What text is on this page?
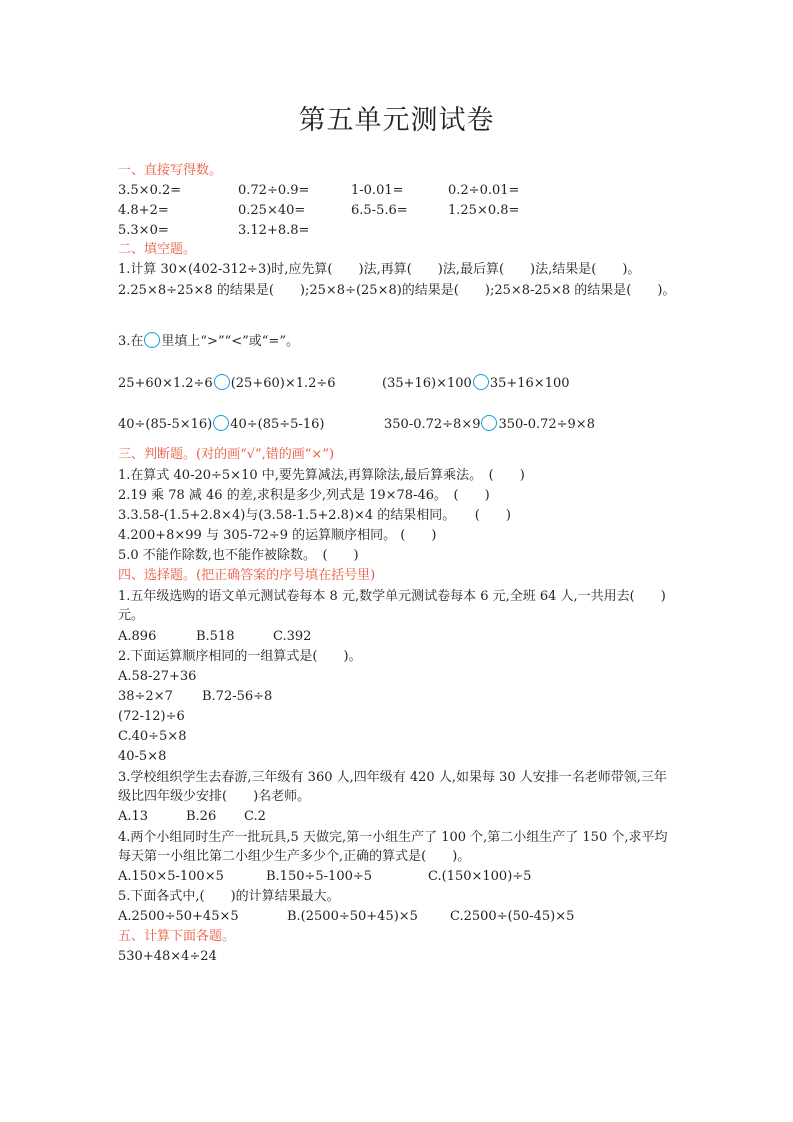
第五单元测试卷
一、直接写得数。
3.5×0.2=	0.72÷0.9=	1-0.01=	0.2÷0.01=
4.8+2=	0.25×40=	6.5-5.6=	1.25×0.8=
5.3×0=	3.12+8.8=
二、填空题。
1.计算 30×(402-312÷3)时,应先算(　　)法,再算(　　)法,最后算(　　)法,结果是(　　)。
2.25×8÷25×8 的结果是(　　);25×8÷(25×8)的结果是(　　);25×8-25×8 的结果是(　　)。
3.在 里填上“>”“<”或“=”。
25+60×1.2÷6 (25+60)×1.2÷6	(35+16)×100 35+16×100
40÷(85-5×16) 40÷(85÷5-16)	350-0.72÷8×9 350-0.72÷9×8
三、判断题。(对的画“√”,错的画“×”)
1.在算式 40-20÷5×10 中,要先算减法,再算除法,最后算乘法。　(　　)
2.19 乘 78 减 46 的差,求积是多少,列式是 19×78-46。　(　　)
3.3.58-(1.5+2.8×4)与(3.58-1.5+2.8)×4 的结果相同。　　(　　)
4.200+8×99 与 305-72÷9 的运算顺序相同。 (　　)
5.0 不能作除数,也不能作被除数。　(　　)
四、选择题。(把正确答案的序号填在括号里)
1.五年级选购的语文单元测试卷每本 8 元,数学单元测试卷每本 6 元,全班 64 人,一共用去(　　)元。
A.896	B.518	C.392
2.下面运算顺序相同的一组算式是(　　)。
A.58-27+36
38÷2×7 B.72-56÷8
(72-12)÷6
C.40÷5×8
40-5×8
3.学校组织学生去春游,三年级有 360 人,四年级有 420 人,如果每 30 人安排一名老师带领,三年级比四年级少安排(　　)名老师。
A.13	B.26 C.2
4.两个小组同时生产一批玩具,5 天做完,第一小组生产了 100 个,第二小组生产了 150 个,求平均每天第一小组比第二小组少生产多少个,正确的算式是(　　)。
A.150×5-100×5	B.150÷5-100÷5	C.(150×100)÷5
5.下面各式中,(　　)的计算结果最大。
A.2500÷50+45×5	B.(2500÷50+45)×5 C.2500÷(50-45)×5
五、计算下面各题。
530+48×4÷24
